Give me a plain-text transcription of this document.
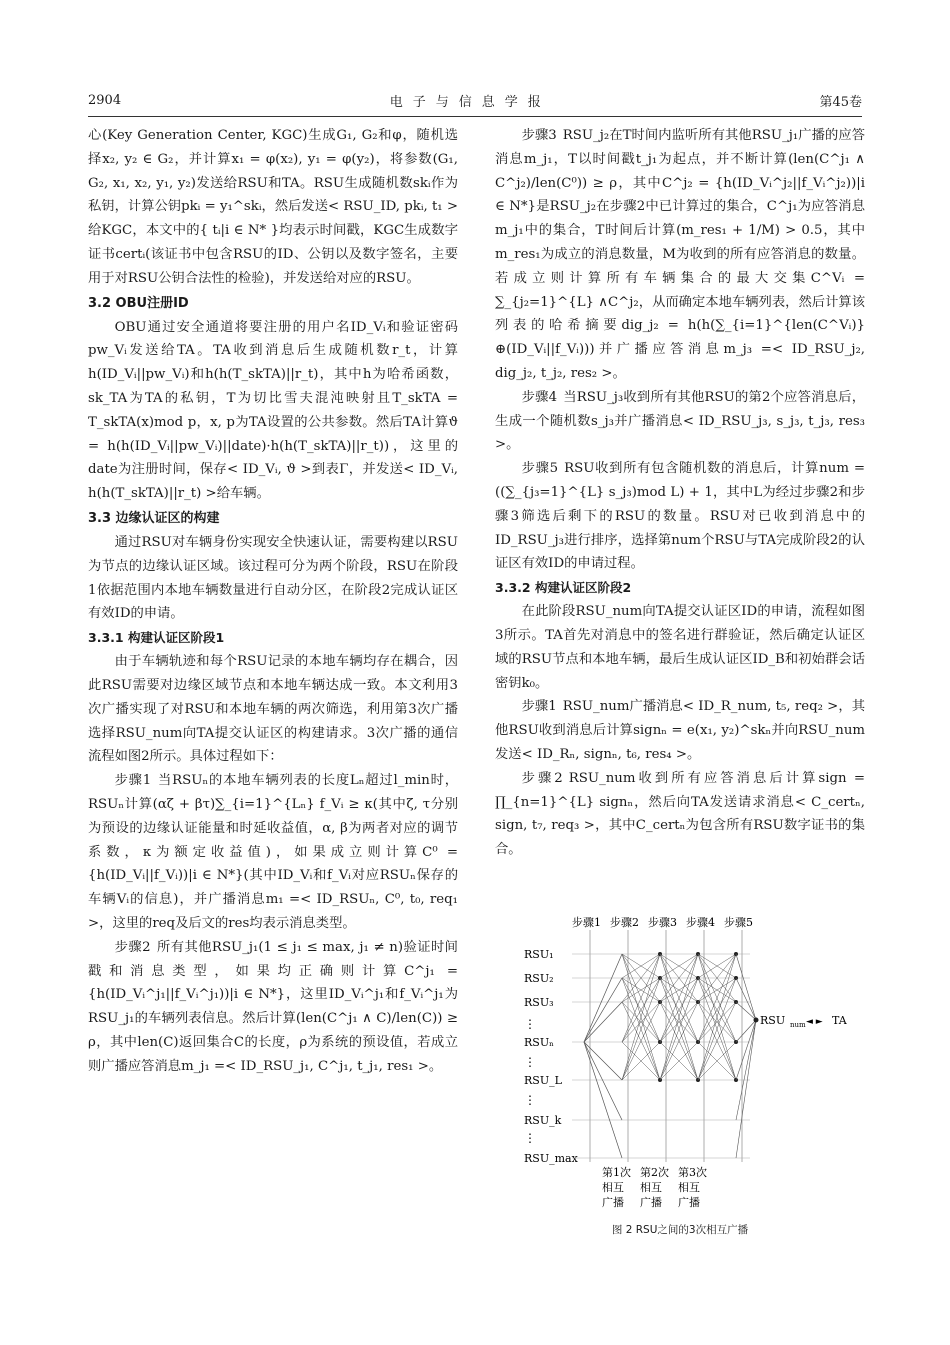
2904	电子与信息学报	第45卷

心(Key Generation Center, KGC)生成G₁, G₂和φ，随机选择x₂, y₂ ∈ G₂，并计算x₁ = φ(x₂), y₁ = φ(y₂)，将参数(G₁, G₂, x₁, x₂, y₁, y₂)发送给RSU和TA。RSU生成随机数skᵢ作为私钥，计算公钥pkᵢ = y₁^skᵢ，然后发送< RSU_ID, pkᵢ, t₁ >给KGC，本文中的{ tᵢ|i ∈ N* }均表示时间戳，KGC生成数字证书certᵢ(该证书中包含RSU的ID、公钥以及数字签名，主要用于对RSU公钥合法性的检验)，并发送给对应的RSU。

3.2 OBU注册ID

OBU通过安全通道将要注册的用户名ID_Vᵢ和验证密码pw_Vᵢ发送给TA。TA收到消息后生成随机数r_t，计算h(ID_Vᵢ||pw_Vᵢ)和h(h(T_skTA)||r_t)，其中h为哈希函数，sk_TA为TA的私钥，T为切比雪夫混沌映射且T_skTA = T_skTA(x)mod p，x, p为TA设置的公共参数。然后TA计算ϑ = h(h(ID_Vᵢ||pw_Vᵢ)||date)·h(h(T_skTA)||r_t))，这里的date为注册时间，保存< ID_Vᵢ, ϑ >到表Γ，并发送< ID_Vᵢ, h(h(T_skTA)||r_t) >给车辆。

3.3 边缘认证区的构建

通过RSU对车辆身份实现安全快速认证，需要构建以RSU为节点的边缘认证区域。该过程可分为两个阶段，RSU在阶段1依据范围内本地车辆数量进行自动分区，在阶段2完成认证区有效ID的申请。

3.3.1 构建认证区阶段1

由于车辆轨迹和每个RSU记录的本地车辆均存在耦合，因此RSU需要对边缘区域节点和本地车辆达成一致。本文利用3次广播实现了对RSU和本地车辆的两次筛选，利用第3次广播选择RSU_num向TA提交认证区的构建请求。3次广播的通信流程如图2所示。具体过程如下：

步骤1 当RSUₙ的本地车辆列表的长度Lₙ超过l_min时，RSUₙ计算(αζ + βτ)∑_{i=1}^{Lₙ} f_Vᵢ ≥ κ(其中ζ, τ分别为预设的边缘认证能量和时延收益值，α, β为两者对应的调节系数，κ为额定收益值)，如果成立则计算C⁰ = {h(ID_Vᵢ||f_Vᵢ))|i ∈ N*}(其中ID_Vᵢ和f_Vᵢ对应RSUₙ保存的车辆Vᵢ的信息)，并广播消息m₁ =< ID_RSUₙ, C⁰, t₀, req₁ >，这里的req及后文的res均表示消息类型。

步骤2 所有其他RSU_j₁(1 ≤ j₁ ≤ max, j₁ ≠ n)验证时间戳和消息类型，如果均正确则计算C^j₁ = {h(ID_Vᵢ^j₁||f_Vᵢ^j₁))|i ∈ N*}，这里ID_Vᵢ^j₁和f_Vᵢ^j₁为RSU_j₁的车辆列表信息。然后计算(len(C^j₁ ∧ C)/len(C)) ≥ ρ，其中len(C)返回集合C的长度，ρ为系统的预设值，若成立则广播应答消息m_j₁ =< ID_RSU_j₁, C^j₁, t_j₁, res₁ >。

步骤3 RSU_j₂在T时间内监听所有其他RSU_j₁广播的应答消息m_j₁，T以时间戳t_j₁为起点，并不断计算(len(C^j₁ ∧ C^j₂)/len(C⁰)) ≥ ρ，其中C^j₂ = {h(ID_Vᵢ^j₂||f_Vᵢ^j₂))|i ∈ N*}是RSU_j₂在步骤2中已计算过的集合，C^j₁为应答消息m_j₁中的集合，T时间后计算(m_res₁ + 1/M) > 0.5，其中m_res₁为成立的消息数量，M为收到的所有应答消息的数量。若成立则计算所有车辆集合的最大交集C^Vᵢ = ∑_{j₂=1}^{L} ∧C^j₂，从而确定本地车辆列表，然后计算该列表的哈希摘要dig_j₂ = h(h(∑_{i=1}^{len(C^Vᵢ)} ⊕(ID_Vᵢ||f_Vᵢ)))并广播应答消息m_j₃ =< ID_RSU_j₂, dig_j₂, t_j₂, res₂ >。

步骤4 当RSU_j₃收到所有其他RSU的第2个应答消息后，生成一个随机数s_j₃并广播消息< ID_RSU_j₃, s_j₃, t_j₃, res₃ >。

步骤5 RSU收到所有包含随机数的消息后，计算num = ((∑_{j₃=1}^{L} s_j₃)mod L) + 1，其中L为经过步骤2和步骤3筛选后剩下的RSU的数量。RSU对已收到消息中的ID_RSU_j₃进行排序，选择第num个RSU与TA完成阶段2的认证区有效ID的申请过程。

3.3.2 构建认证区阶段2

在此阶段RSU_num向TA提交认证区ID的申请，流程如图3所示。TA首先对消息中的签名进行群验证，然后确定认证区域的RSU节点和本地车辆，最后生成认证区ID_B和初始群会话密钥k₀。

步骤1 RSU_num广播消息< ID_R_num, t₅, req₂ >，其他RSU收到消息后计算signₙ = e(x₁, y₂)^skₙ并向RSU_num发送< ID_Rₙ, signₙ, t₆, res₄ >。

步骤2 RSU_num收到所有应答消息后计算sign = ∏_{n=1}^{L} signₙ，然后向TA发送请求消息< C_certₙ, sign, t₇, req₃ >，其中C_certₙ为包含所有RSU数字证书的集合。

步骤1 步骤2 步骤3 步骤4 步骤5
RSU₁
RSU₂
RSU₃
⋮
RSUₙ
⋮
RSU_L
⋮
RSU_k
⋮
RSU_max
RSU num ◄ ► TA
第1次
相互
广播
第2次
相互
广播
第3次
相互
广播
图 2 RSU之间的3次相互广播
